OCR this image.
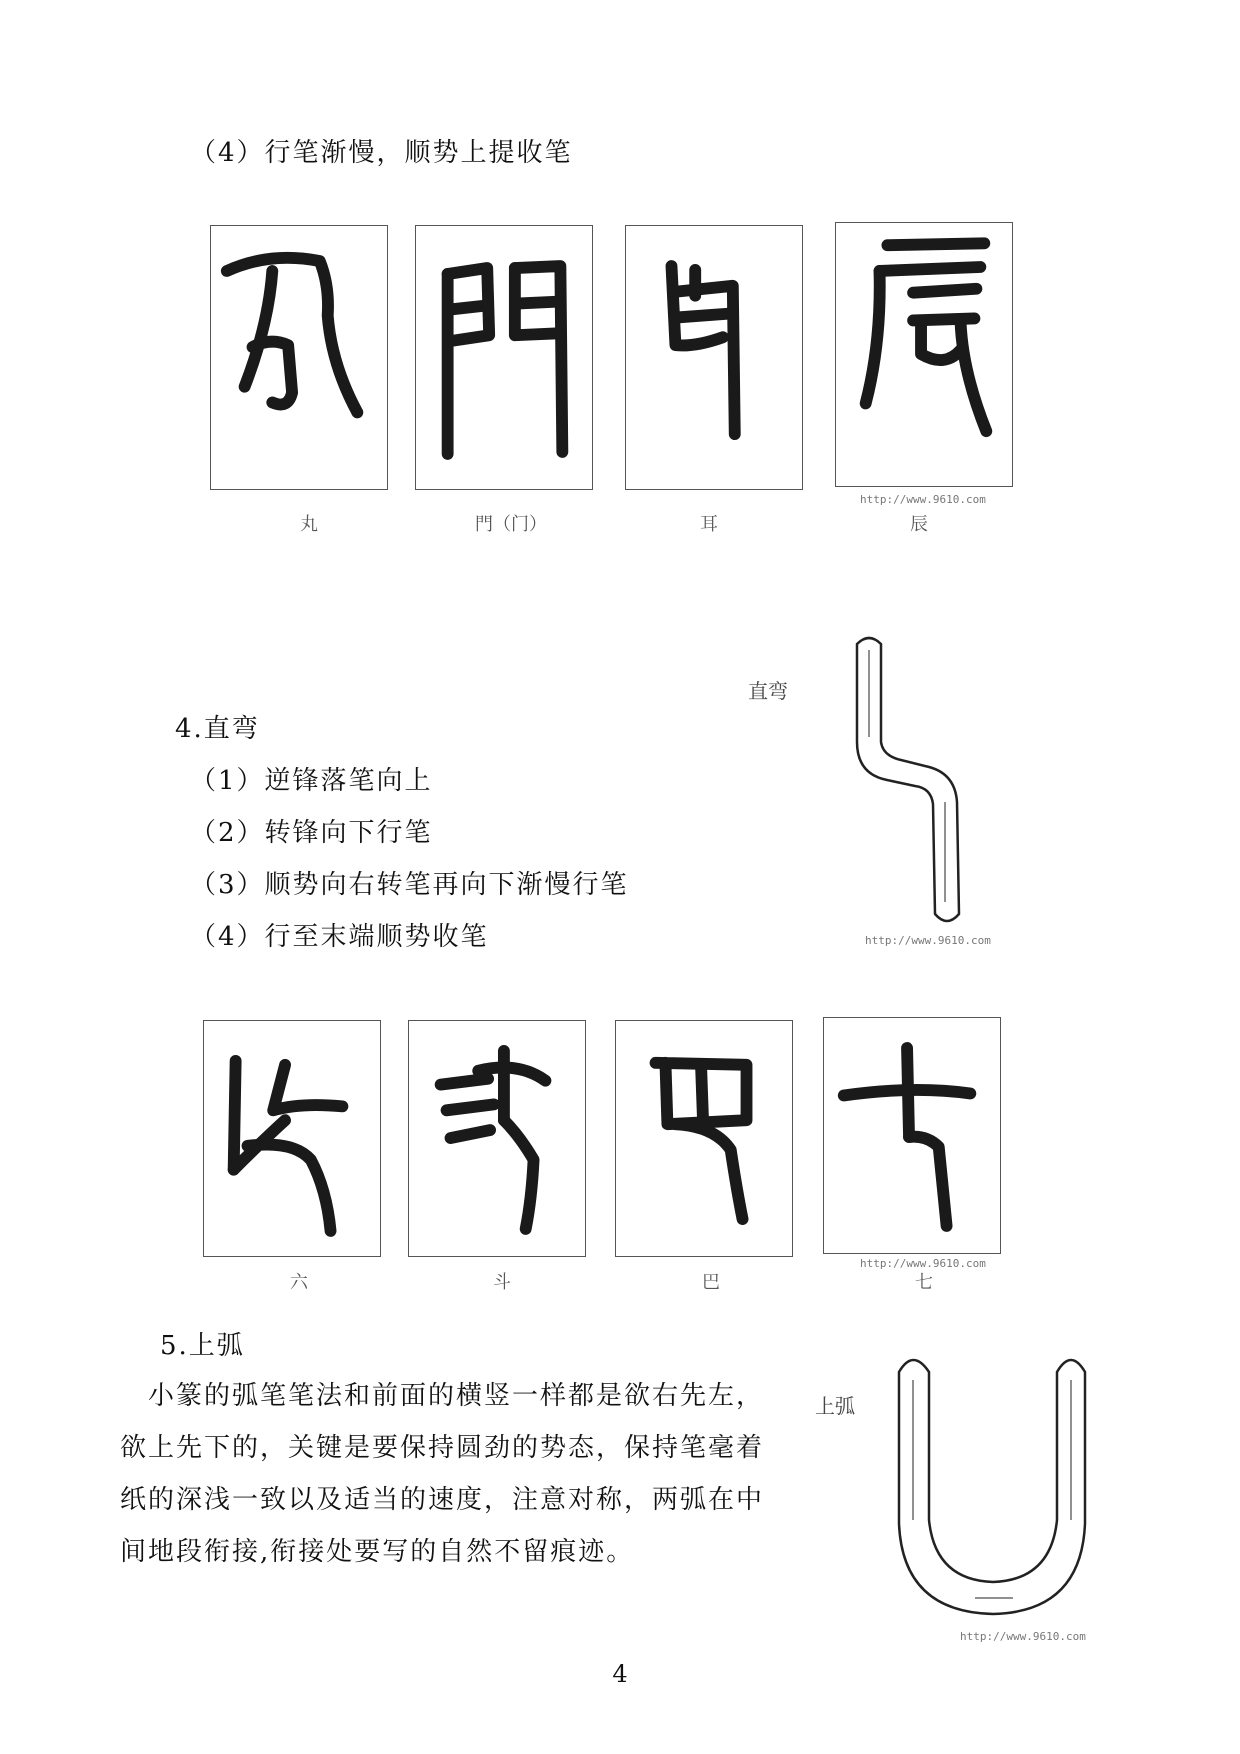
（4）行笔渐慢，顺势上提收笔
丸	門（门）	耳	辰
http://www.9610.com
4.直弯
（1）逆锋落笔向上
（2）转锋向下行笔
（3）顺势向右转笔再向下渐慢行笔
（4）行至末端顺势收笔
直弯
http://www.9610.com
六	斗	巴	七
http://www.9610.com
5.上弧
　小篆的弧笔笔法和前面的横竖一样都是欲右先左，
欲上先下的，关键是要保持圆劲的势态，保持笔毫着
纸的深浅一致以及适当的速度，注意对称，两弧在中
间地段衔接,衔接处要写的自然不留痕迹。
上弧
http://www.9610.com
4
